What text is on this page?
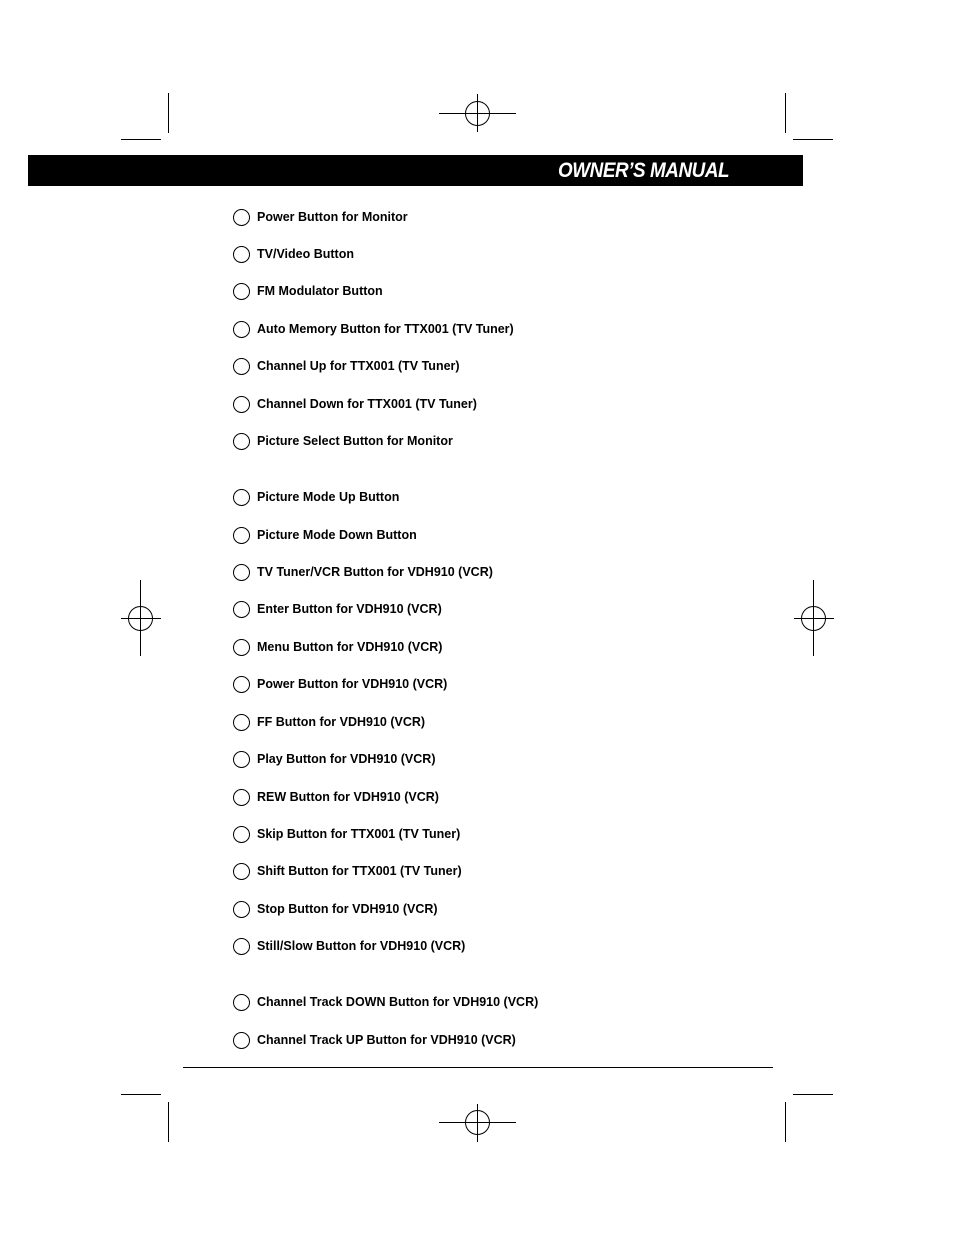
OWNER’S MANUAL
Power Button for Monitor
TV/Video Button
FM Modulator Button
Auto Memory Button for TTX001 (TV Tuner)
Channel Up for TTX001 (TV Tuner)
Channel Down for TTX001 (TV Tuner)
Picture Select Button for Monitor
Picture Mode Up Button
Picture Mode Down Button
TV Tuner/VCR Button for VDH910 (VCR)
Enter Button for VDH910 (VCR)
Menu Button for VDH910 (VCR)
Power Button for VDH910 (VCR)
FF Button for VDH910 (VCR)
Play Button for VDH910 (VCR)
REW Button for VDH910 (VCR)
Skip Button for TTX001 (TV Tuner)
Shift Button for TTX001 (TV Tuner)
Stop Button for VDH910 (VCR)
Still/Slow Button for VDH910 (VCR)
Channel Track DOWN Button for VDH910 (VCR)
Channel Track UP Button for VDH910 (VCR)
